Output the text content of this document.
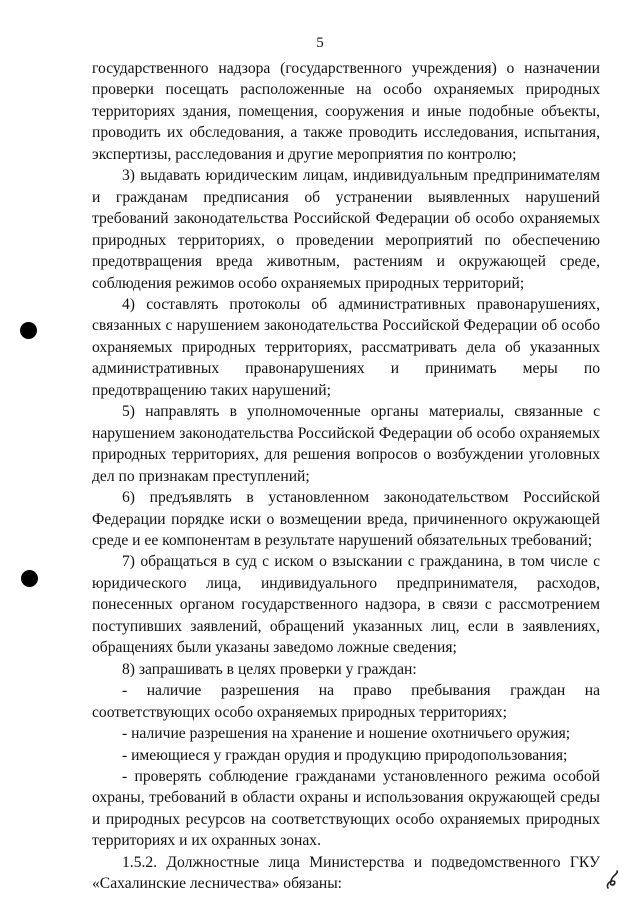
5

государственного надзора (государственного учреждения) о назначении проверки посещать расположенные на особо охраняемых природных территориях здания, помещения, сооружения и иные подобные объекты, проводить их обследования, а также проводить исследования, испытания, экспертизы, расследования и другие мероприятия по контролю;

3) выдавать юридическим лицам, индивидуальным предпринимателям и гражданам предписания об устранении выявленных нарушений требований законодательства Российской Федерации об особо охраняемых природных территориях, о проведении мероприятий по обеспечению предотвращения вреда животным, растениям и окружающей среде, соблюдения режимов особо охраняемых природных территорий;

4) составлять протоколы об административных правонарушениях, связанных с нарушением законодательства Российской Федерации об особо охраняемых природных территориях, рассматривать дела об указанных административных правонарушениях и принимать меры по предотвращению таких нарушений;

5) направлять в уполномоченные органы материалы, связанные с нарушением законодательства Российской Федерации об особо охраняемых природных территориях, для решения вопросов о возбуждении уголовных дел по признакам преступлений;

6) предъявлять в установленном законодательством Российской Федерации порядке иски о возмещении вреда, причиненного окружающей среде и ее компонентам в результате нарушений обязательных требований;

7) обращаться в суд с иском о взыскании с гражданина, в том числе с юридического лица, индивидуального предпринимателя, расходов, понесенных органом государственного надзора, в связи с рассмотрением поступивших заявлений, обращений указанных лиц, если в заявлениях, обращениях были указаны заведомо ложные сведения;

8) запрашивать в целях проверки у граждан:

- наличие разрешения на право пребывания граждан на соответствующих особо охраняемых природных территориях;

- наличие разрешения на хранение и ношение охотничьего оружия;

- имеющиеся у граждан орудия и продукцию природопользования;

- проверять соблюдение гражданами установленного режима особой охраны, требований в области охраны и использования окружающей среды и природных ресурсов на соответствующих особо охраняемых природных территориях и их охранных зонах.

1.5.2. Должностные лица Министерства и подведомственного ГКУ «Сахалинские лесничества» обязаны:
